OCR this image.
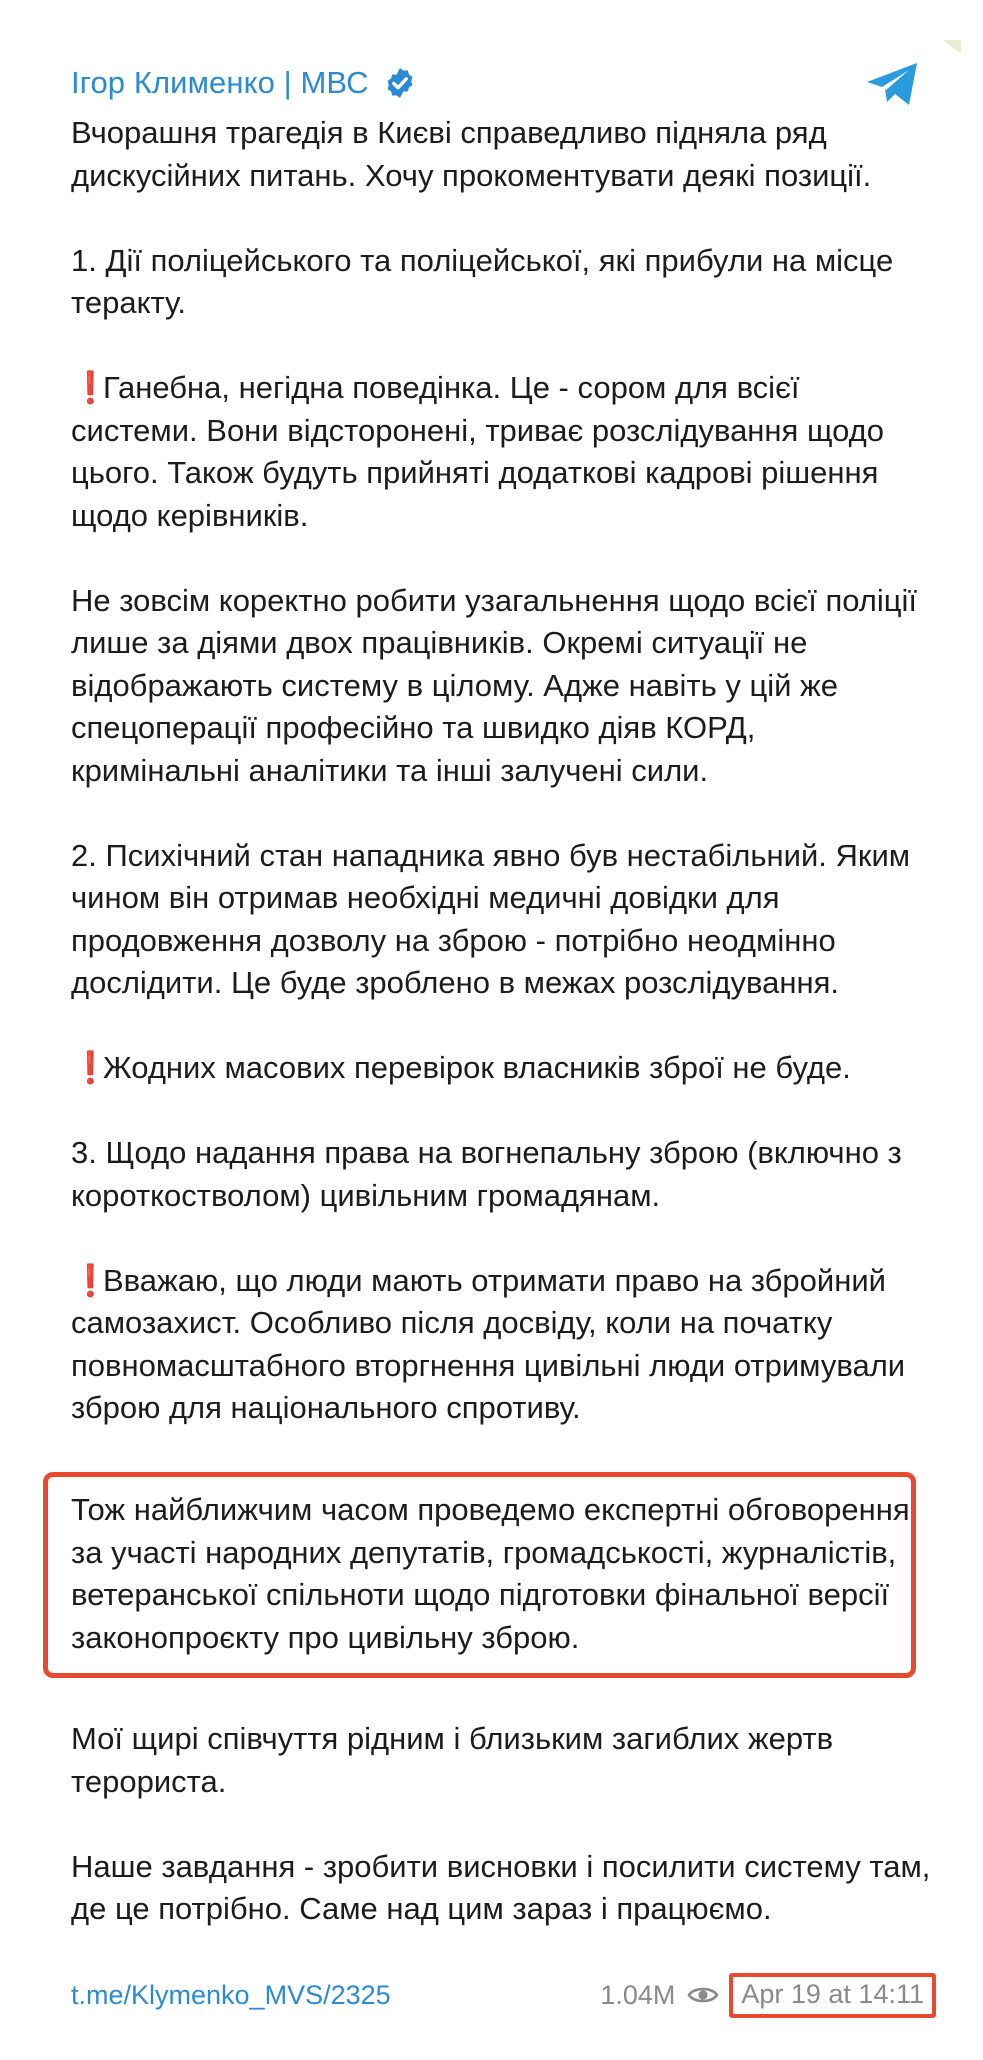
Ігор Клименко | МВС

Вчорашня трагедія в Києві справедливо підняла ряд дискусійних питань. Хочу прокоментувати деякі позиції.

1. Дії поліцейського та поліцейської, які прибули на місце теракту.

❗Ганебна, негідна поведінка. Це - сором для всієї системи. Вони відсторонені, триває розслідування щодо цього. Також будуть прийняті додаткові кадрові рішення щодо керівників.

Не зовсім коректно робити узагальнення щодо всієї поліції лише за діями двох працівників. Окремі ситуації не відображають систему в цілому. Адже навіть у цій же спецоперації професійно та швидко діяв КОРД, кримінальні аналітики та інші залучені сили.

2. Психічний стан нападника явно був нестабільний. Яким чином він отримав необхідні медичні довідки для продовження дозволу на зброю - потрібно неодмінно дослідити. Це буде зроблено в межах розслідування.

❗Жодних масових перевірок власників зброї не буде.

3. Щодо надання права на вогнепальну зброю (включно з короткостволом) цивільним громадянам.

❗Вважаю, що люди мають отримати право на збройний самозахист. Особливо після досвіду, коли на початку повномасштабного вторгнення цивільні люди отримували зброю для національного спротиву.

Тож найближчим часом проведемо експертні обговорення за участі народних депутатів, громадськості, журналістів, ветеранської спільноти щодо підготовки фінальної версії законопроєкту про цивільну зброю.

Мої щирі співчуття рідним і близьким загиблих жертв терориста.

Наше завдання - зробити висновки і посилити систему там, де це потрібно. Саме над цим зараз і працюємо.

t.me/Klymenko_MVS/2325	1.04M	Apr 19 at 14:11
